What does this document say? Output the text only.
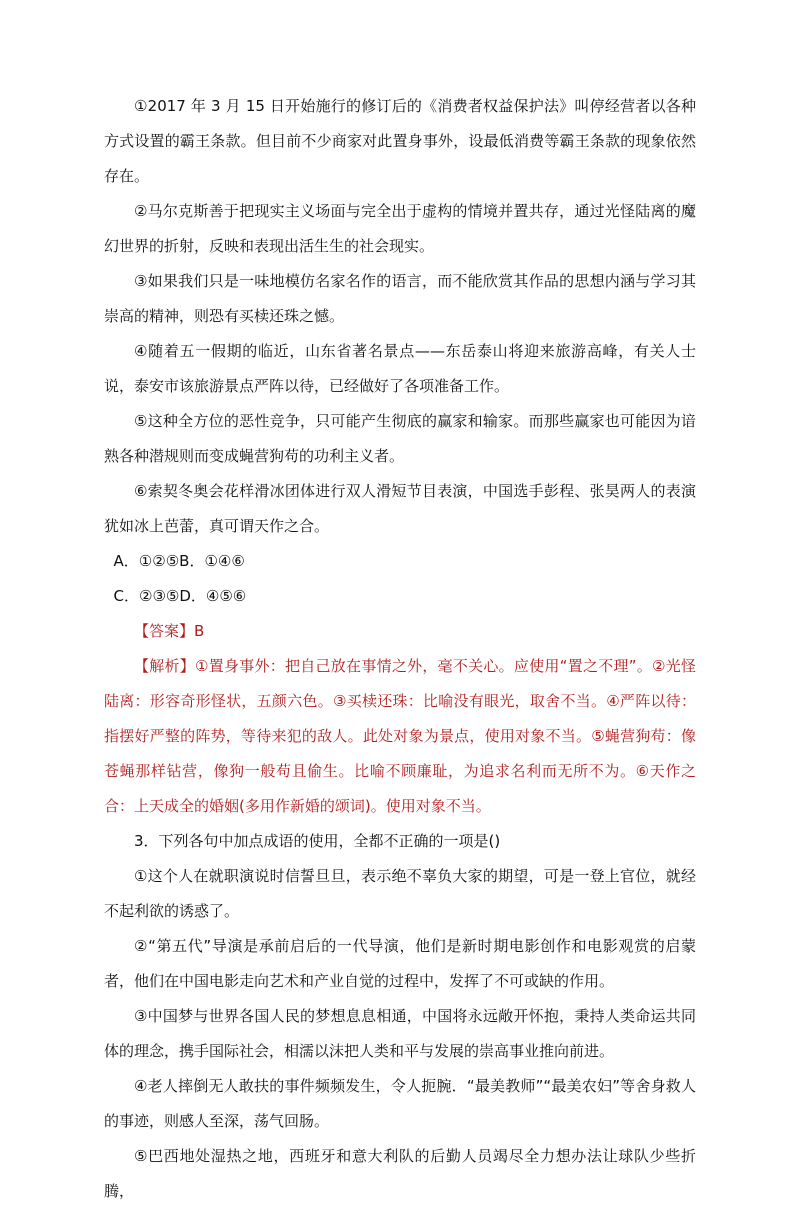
①2017 年 3 月 15 日开始施行的修订后的《消费者权益保护法》叫停经营者以各种方式设置的霸王条款。但目前不少商家对此置身事外，设最低消费等霸王条款的现象依然存在。

②马尔克斯善于把现实主义场面与完全出于虚构的情境并置共存，通过光怪陆离的魔幻世界的折射，反映和表现出活生生的社会现实。

③如果我们只是一味地模仿名家名作的语言，而不能欣赏其作品的思想内涵与学习其崇高的精神，则恐有买椟还珠之憾。

④随着五一假期的临近，山东省著名景点——东岳泰山将迎来旅游高峰，有关人士说，泰安市该旅游景点严阵以待，已经做好了各项准备工作。

⑤这种全方位的恶性竞争，只可能产生彻底的赢家和输家。而那些赢家也可能因为谙熟各种潜规则而变成蝇营狗苟的功利主义者。

⑥索契冬奥会花样滑冰团体进行双人滑短节目表演，中国选手彭程、张昊两人的表演犹如冰上芭蕾，真可谓天作之合。

A．①②⑤B．①④⑥

C．②③⑤D．④⑤⑥

【答案】B

【解析】①置身事外：把自己放在事情之外，毫不关心。应使用“置之不理”。②光怪陆离：形容奇形怪状，五颜六色。③买椟还珠：比喻没有眼光，取舍不当。④严阵以待：指摆好严整的阵势，等待来犯的敌人。此处对象为景点，使用对象不当。⑤蝇营狗苟：像苍蝇那样钻营，像狗一般苟且偷生。比喻不顾廉耻，为追求名利而无所不为。⑥天作之合：上天成全的婚姻(多用作新婚的颂词)。使用对象不当。

3．下列各句中加点成语的使用，全都不正确的一项是()

①这个人在就职演说时信誓旦旦，表示绝不辜负大家的期望，可是一登上官位，就经不起利欲的诱惑了。

②“第五代”导演是承前启后的一代导演，他们是新时期电影创作和电影观赏的启蒙者，他们在中国电影走向艺术和产业自觉的过程中，发挥了不可或缺的作用。

③中国梦与世界各国人民的梦想息息相通，中国将永远敞开怀抱，秉持人类命运共同体的理念，携手国际社会，相濡以沫把人类和平与发展的崇高事业推向前进。

④老人摔倒无人敢扶的事件频频发生，令人扼腕．“最美教师”“最美农妇”等舍身救人的事迹，则感人至深，荡气回肠。

⑤巴西地处湿热之地，西班牙和意大利队的后勤人员竭尽全力想办法让球队少些折腾，
